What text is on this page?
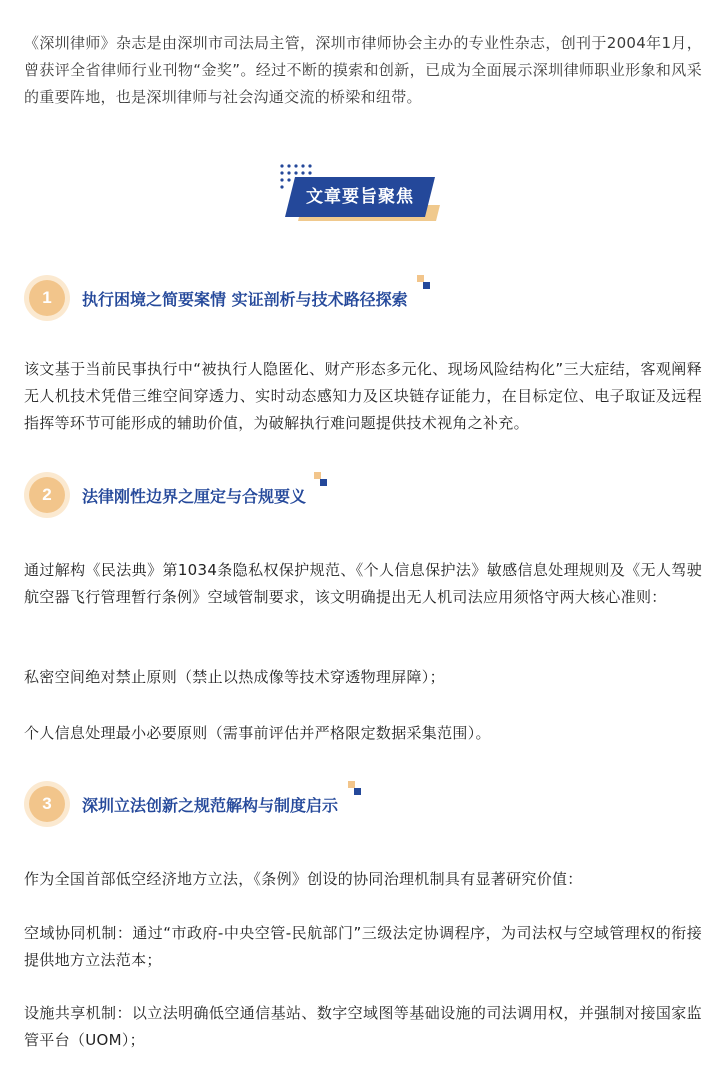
《深圳律师》杂志是由深圳市司法局主管，深圳市律师协会主办的专业性杂志，创刊于2004年1月，曾获评全省律师行业刊物“金奖”。经过不断的摸索和创新，已成为全面展示深圳律师职业形象和风采的重要阵地，也是深圳律师与社会沟通交流的桥梁和纽带。

文章要旨聚焦
1	执行困境之简要案情 实证剖析与技术路径探索

该文基于当前民事执行中“被执行人隐匿化、财产形态多元化、现场风险结构化”三大症结，客观阐释无人机技术凭借三维空间穿透力、实时动态感知力及区块链存证能力，在目标定位、电子取证及远程指挥等环节可能形成的辅助价值，为破解执行难问题提供技术视角之补充。

2	法律刚性边界之厘定与合规要义

通过解构《民法典》第1034条隐私权保护规范、《个人信息保护法》敏感信息处理规则及《无人驾驶航空器飞行管理暂行条例》空域管制要求，该文明确提出无人机司法应用须恪守两大核心准则：

私密空间绝对禁止原则（禁止以热成像等技术穿透物理屏障）；

个人信息处理最小必要原则（需事前评估并严格限定数据采集范围）。

3	深圳立法创新之规范解构与制度启示

作为全国首部低空经济地方立法，《条例》创设的协同治理机制具有显著研究价值：

空域协同机制：通过“市政府-中央空管-民航部门”三级法定协调程序，为司法权与空域管理权的衔接提供地方立法范本；

设施共享机制：以立法明确低空通信基站、数字空域图等基础设施的司法调用权，并强制对接国家监管平台（UOM）；
